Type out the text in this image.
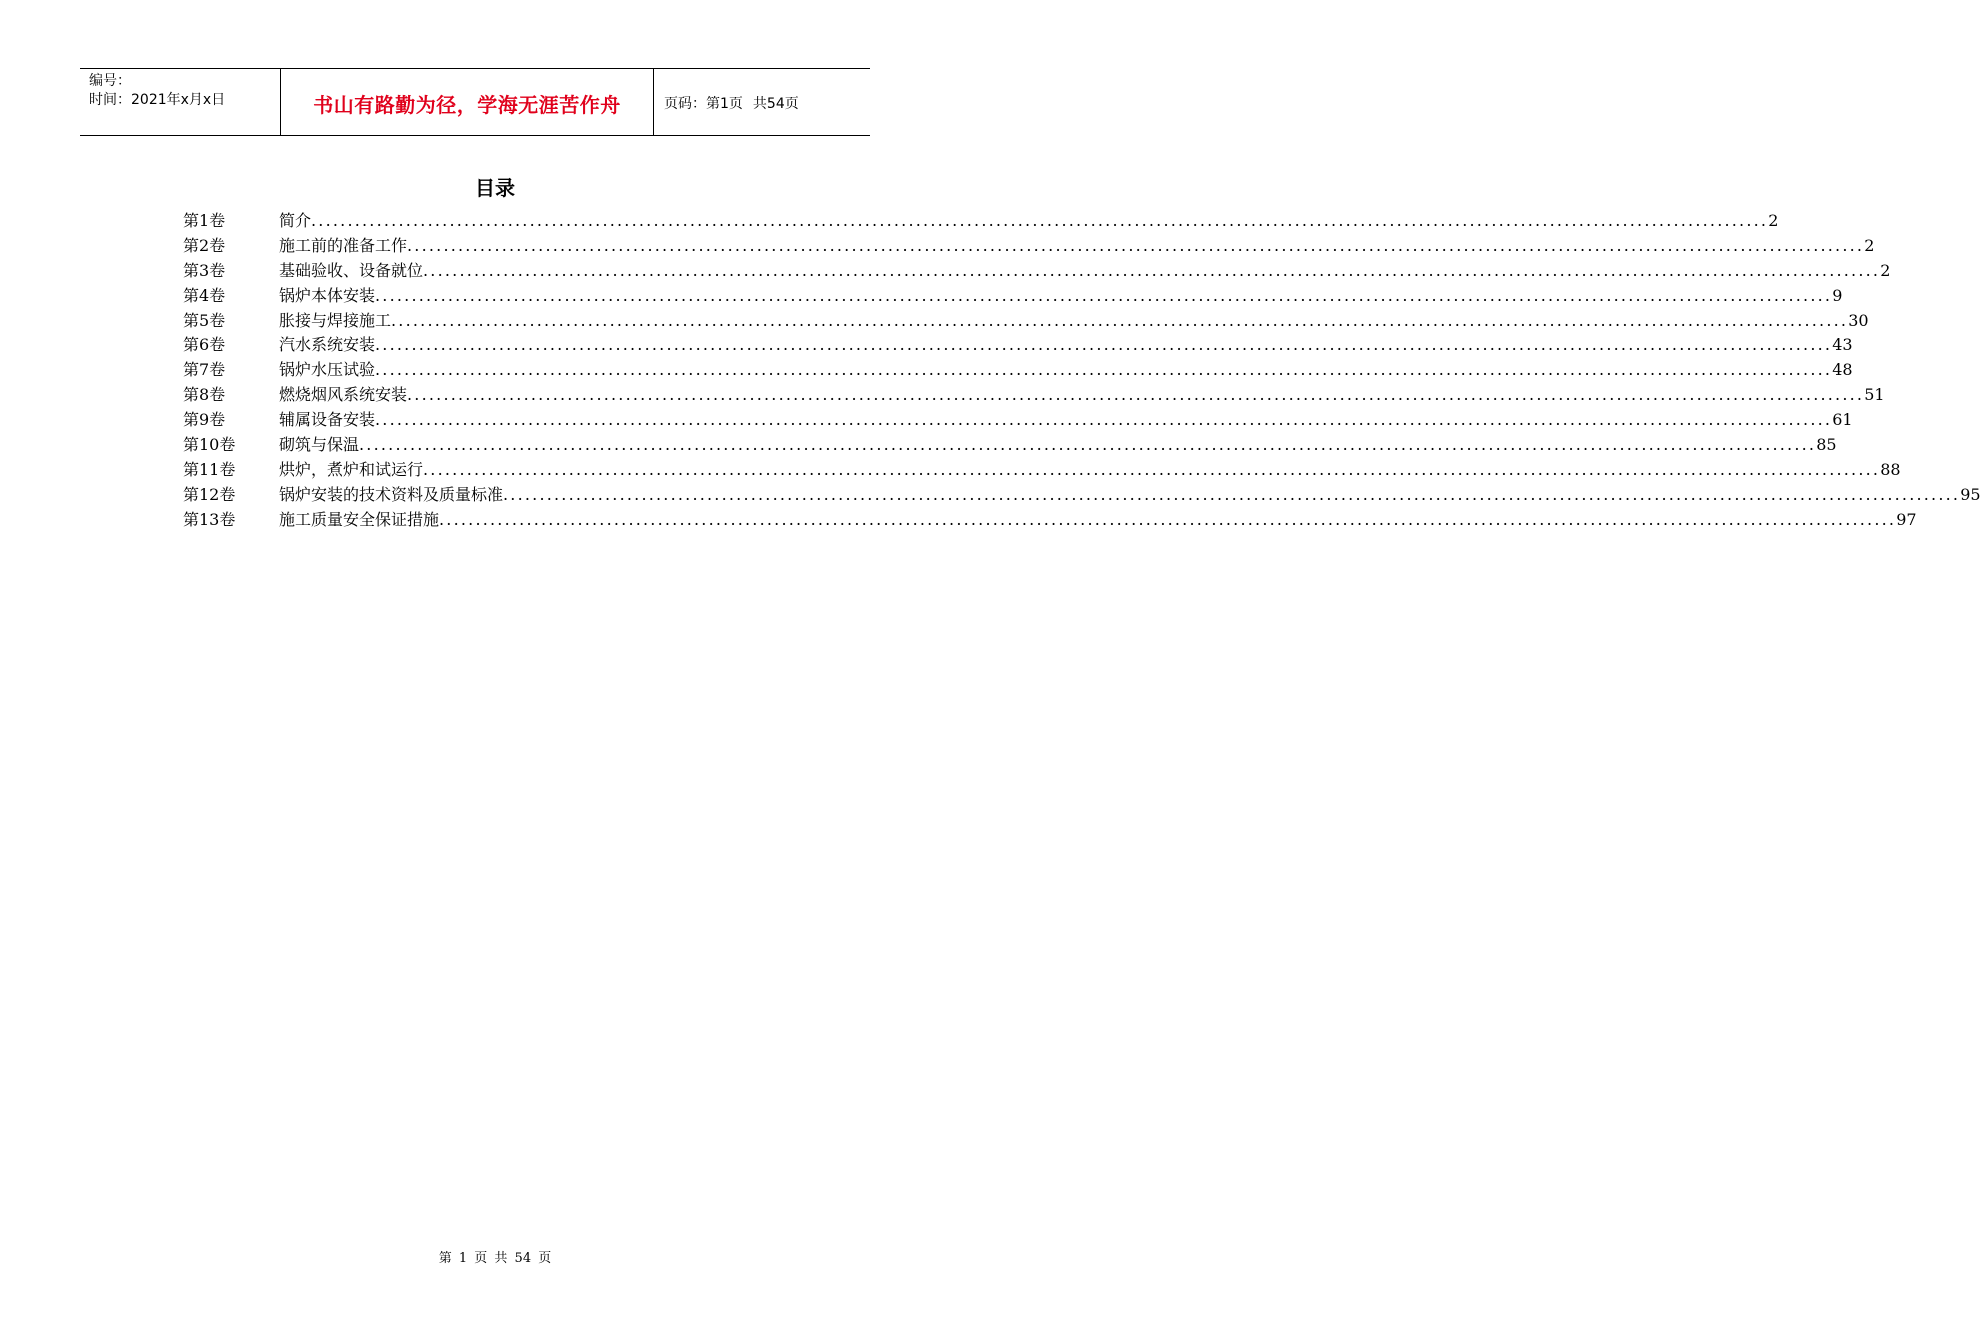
编号：
时间：2021年x月x日	书山有路勤为径，学海无涯苦作舟	页码：第1页 共54页
目录
第1卷	简介 ........................................................................................................................................................................................................ 2
第2卷	施工前的准备工作 ........................................................................................................................................................................................................ 2
第3卷	基础验收、设备就位 ........................................................................................................................................................................................................ 2
第4卷	锅炉本体安装 ........................................................................................................................................................................................................ 9
第5卷	胀接与焊接施工 ........................................................................................................................................................................................................ 30
第6卷	汽水系统安装 ........................................................................................................................................................................................................ 43
第7卷	锅炉水压试验 ........................................................................................................................................................................................................ 48
第8卷	燃烧烟风系统安装 ........................................................................................................................................................................................................ 51
第9卷	辅属设备安装 ........................................................................................................................................................................................................ 61
第10卷	砌筑与保温 ........................................................................................................................................................................................................ 85
第11卷	烘炉，煮炉和试运行 ........................................................................................................................................................................................................ 88
第12卷	锅炉安装的技术资料及质量标准 ........................................................................................................................................................................................................ 95
第13卷	施工质量安全保证措施 ........................................................................................................................................................................................................ 97
第 1 页 共 54 页
